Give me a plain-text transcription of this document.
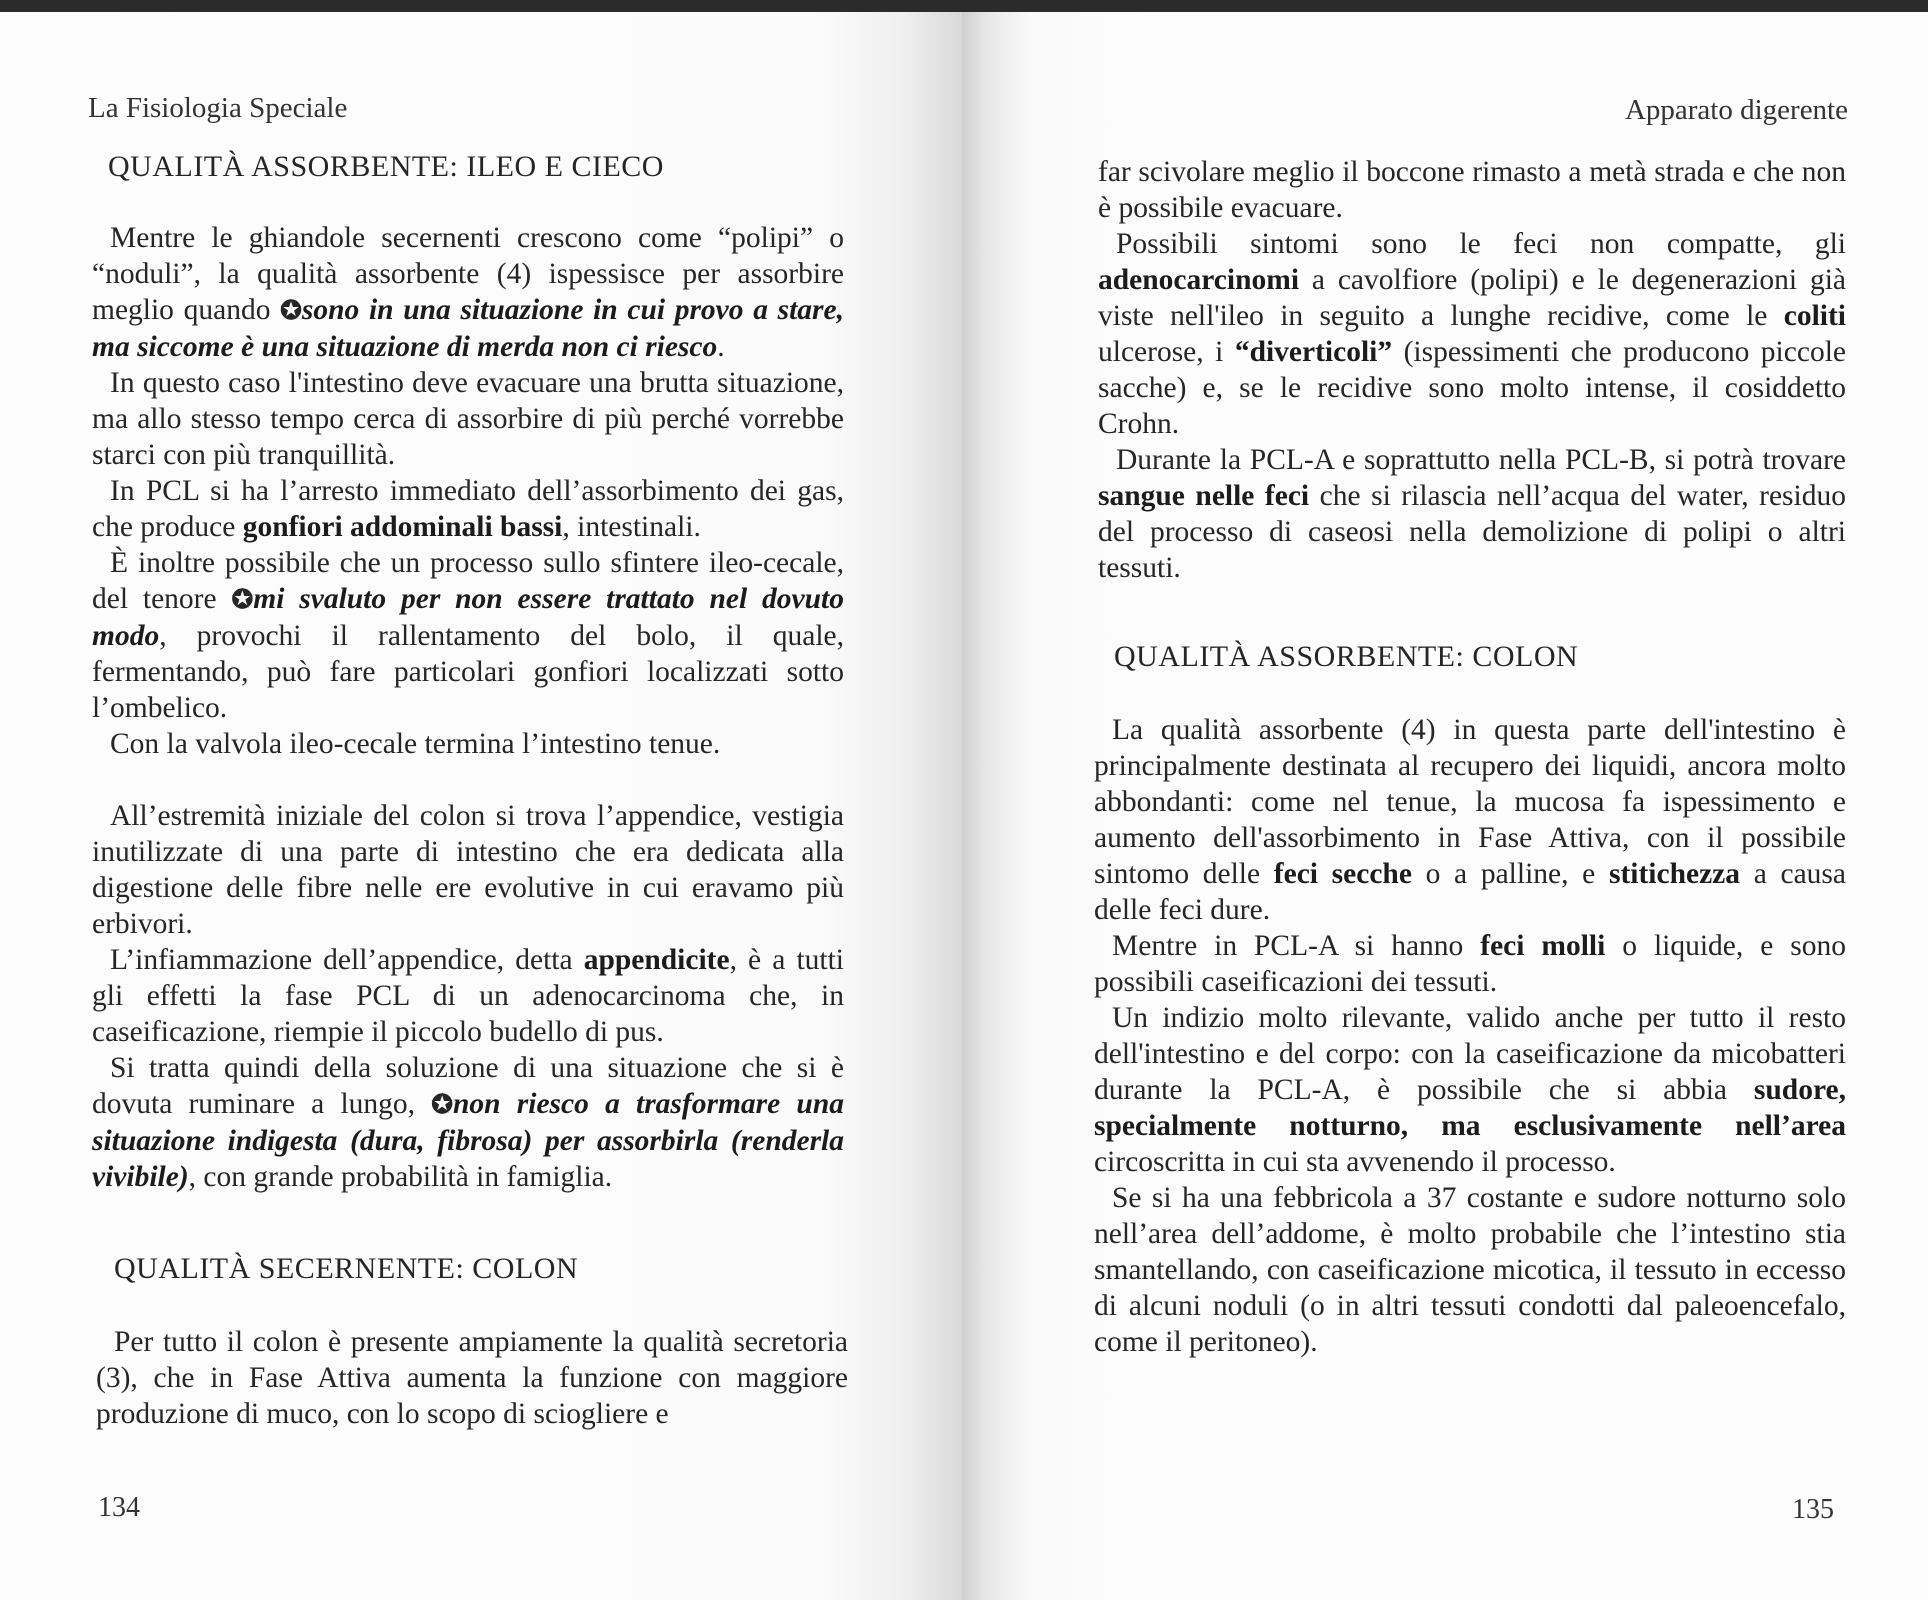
La Fisiologia Speciale
QUALITÀ ASSORBENTE: ILEO E CIECO

Mentre le ghiandole secernenti crescono come “polipi” o “noduli”, la qualità assorbente (4) ispessisce per assorbire meglio quando ✪sono in una situazione in cui provo a stare, ma siccome è una situazione di merda non ci riesco.

In questo caso l'intestino deve evacuare una brutta situazione, ma allo stesso tempo cerca di assorbire di più perché vorrebbe starci con più tranquillità.

In PCL si ha l’arresto immediato dell’assorbimento dei gas, che produce gonfiori addominali bassi, intestinali.

È inoltre possibile che un processo sullo sfintere ileo-cecale, del tenore ✪mi svaluto per non essere trattato nel dovuto modo, provochi il rallentamento del bolo, il quale, fermentando, può fare particolari gonfiori localizzati sotto l’ombelico.

Con la valvola ileo-cecale termina l’intestino tenue.

All’estremità iniziale del colon si trova l’appendice, vestigia inutilizzate di una parte di intestino che era dedicata alla digestione delle fibre nelle ere evolutive in cui eravamo più erbivori.

L’infiammazione dell’appendice, detta appendicite, è a tutti gli effetti la fase PCL di un adenocarcinoma che, in caseificazione, riempie il piccolo budello di pus.

Si tratta quindi della soluzione di una situazione che si è dovuta ruminare a lungo, ✪non riesco a trasformare una situazione indigesta (dura, fibrosa) per assorbirla (renderla vivibile), con grande probabilità in famiglia.

QUALITÀ SECERNENTE: COLON

Per tutto il colon è presente ampiamente la qualità secretoria (3), che in Fase Attiva aumenta la funzione con maggiore produzione di muco, con lo scopo di sciogliere e

134
Apparato digerente

far scivolare meglio il boccone rimasto a metà strada e che non è possibile evacuare.

Possibili sintomi sono le feci non compatte, gli adenocarcinomi a cavolfiore (polipi) e le degenerazioni già viste nell'ileo in seguito a lunghe recidive, come le coliti ulcerose, i “diverticoli” (ispessimenti che producono piccole sacche) e, se le recidive sono molto intense, il cosiddetto Crohn.

Durante la PCL-A e soprattutto nella PCL-B, si potrà trovare sangue nelle feci che si rilascia nell’acqua del water, residuo del processo di caseosi nella demolizione di polipi o altri tessuti.

QUALITÀ ASSORBENTE: COLON

La qualità assorbente (4) in questa parte dell'intestino è principalmente destinata al recupero dei liquidi, ancora molto abbondanti: come nel tenue, la mucosa fa ispessimento e aumento dell'assorbimento in Fase Attiva, con il possibile sintomo delle feci secche o a palline, e stitichezza a causa delle feci dure.

Mentre in PCL-A si hanno feci molli o liquide, e sono possibili caseificazioni dei tessuti.

Un indizio molto rilevante, valido anche per tutto il resto dell'intestino e del corpo: con la caseificazione da micobatteri durante la PCL-A, è possibile che si abbia sudore, specialmente notturno, ma esclusivamente nell’area circoscritta in cui sta avvenendo il processo.

Se si ha una febbricola a 37 costante e sudore notturno solo nell’area dell’addome, è molto probabile che l’intestino stia smantellando, con caseificazione micotica, il tessuto in eccesso di alcuni noduli (o in altri tessuti condotti dal paleoencefalo, come il peritoneo).

135
